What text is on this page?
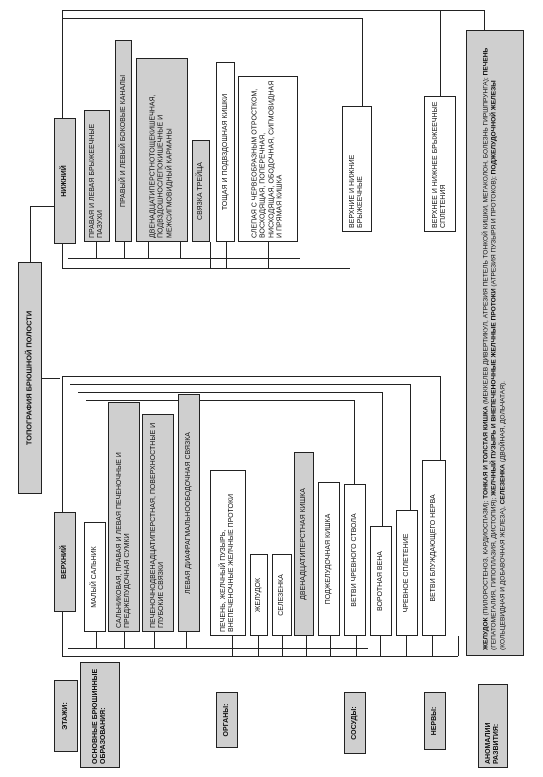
ТОПОГРАФИЯ БРЮШНОЙ ПОЛОСТИ
НИЖНИЙ	ПРАВАЯ И ЛЕВАЯ БРЫЖЕЕЧНЫЕ ПАЗУХИ
ПРАВЫЙ И ЛЕВЫЙ БОКОВЫЕ КАНАЛЫ	ДВЕНАДЦАТИПЕРСТНОТОЩЕКИШЕЧНАЯ, ПОДВЗДОШНОСЛЕПОКИШЕЧНЫЕ И МЕЖСИГМОВИДНЫЙ КАРМАНЫ	СВЯЗКА ТРЕЙЦА	ТОЩАЯ И ПОДВЗДОШНАЯ КИШКИ	СЛЕПАЯ С ЧЕРВЕОБРАЗНЫМ ОТРОСТКОМ, ВОСХОДЯЩАЯ, ПОПЕРЕЧНАЯ, НИСХОДЯЩАЯ, ОБОДОЧНАЯ, СИГМОВИДНАЯ И ПРЯМАЯ КИШКА	ВЕРХНИЕ И НИЖНИЕ БРЫЖЕЕЧНЫЕ	ВЕРХНЕЕ И НИЖНЕЕ БРЫЖЕЕЧНЫЕ СПЛЕТЕНИЯ
ЖЕЛУДОК (ПИЛОРОСТЕНОЗ, КАРДИОСПАЗМ); ТОНКАЯ И ТОЛСТАЯ КИШКА (МЕККЕЛЕВ ДИВЕРТИКУЛ, АТРЕЗИЯ ПЕТЕЛЬ ТОНКОЙ КИШКИ, МЕГАКОЛОН, БОЛЕЗНЬ ГИРШПРУНГА); ПЕЧЕНЬ (ГЕПАТОМЕГАЛИЯ, ГИПОПЛАЗИЯ, ДИСТОПИЯ); ЖЕЛЧНЫЙ ПУЗЫРЬ И ВНЕПЕЧЕНОЧНЫЕ ЖЕЛЧНЫЕ ПРОТОКИ (АТРЕЗИЯ ПУЗЫРЯ И ПРОТОКОВ); ПОДЖЕЛУДОЧНОЙ ЖЕЛЕЗЫ (КОЛЬЦЕВИДНАЯ И ДОБАВОЧНАЯ ЖЕЛЕЗА), СЕЛЕЗЕНКА (ДВОЙНАЯ, ДОЛЬЧАТАЯ).
ВЕРХНИЙ	МАЛЫЙ САЛЬНИК	САЛЬНИКОВАЯ, ПРАВАЯ И ЛЕВАЯ ПЕЧЕНОЧНЫЕ И ПРЕДЖЕЛУДОЧНАЯ СУМКИ	ПЕЧЕНОЧНОДВЕНАДЦАТИПЕРСТНАЯ, ПОВЕРХНОСТНЫЕ И ГЛУБОКИЕ СВЯЗКИ
ЛЕВАЯ ДИАФРАГМАЛЬНООБОДОЧНАЯ СВЯЗКА	ПЕЧЕНЬ, ЖЕЛЧНЫЙ ПУЗЫРЬ, ВНЕПЕЧЕНОЧНЫЕ ЖЕЛЧНЫЕ ПРОТОКИ	ЖЕЛУДОК СЕЛЕЗЕНКА ДВЕНАДЦАТИПЕРСТНАЯ КИШКА	ПОДЖЕЛУДОЧНАЯ КИШКА	ВЕТВИ ЧРЕВНОГО СТВОЛА	ВОРОТНАЯ ВЕНА	ЧРЕВНОЕ СПЛЕТЕНИЕ	ВЕТВИ БЛУЖДАЮЩЕГО НЕРВА
ЭТАЖИ:	ОСНОВНЫЕ БРЮШИННЫЕ ОБРАЗОВАНИЯ:	ОРГАНЫ:	СОСУДЫ:	НЕРВЫ:
АНОМАЛИИ РАЗВИТИЯ:
